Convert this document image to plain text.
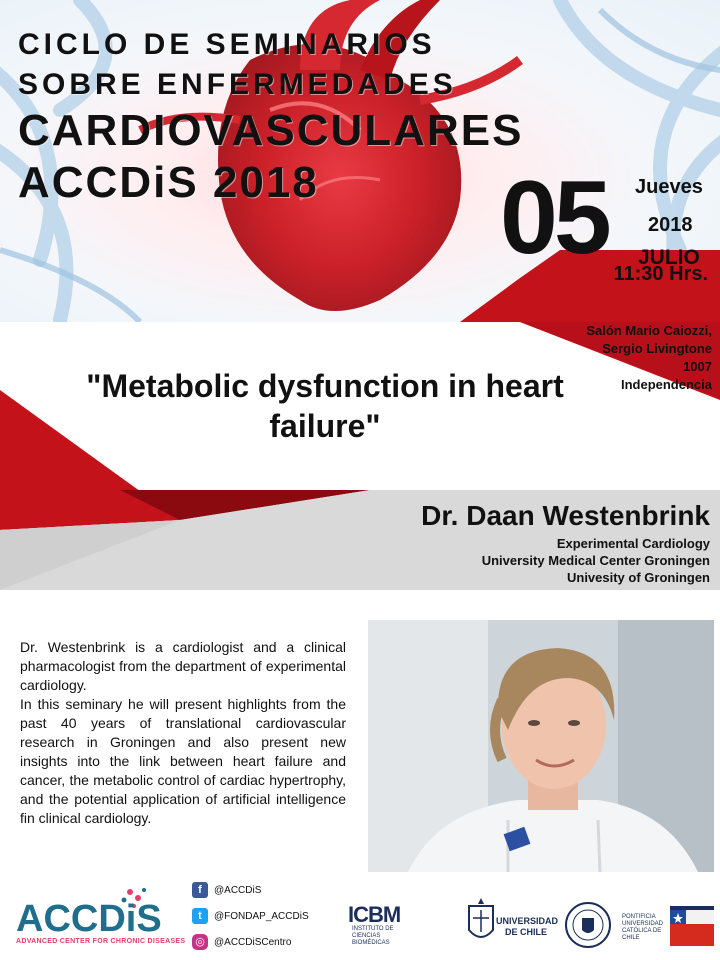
CICLO DE SEMINARIOS
SOBRE ENFERMEDADES
CARDIOVASCULARES
ACCDiS 2018 05 Jueves
2018
JULIO
11:30 Hrs.
Salón Mario Caiozzi,
Sergio Livingtone
1007
Independencia
"Metabolic dysfunction in heart failure"
Dr. Daan Westenbrink
Experimental Cardiology
University Medical Center Groningen
Univesity of Groningen

Dr. Westenbrink is a cardiologist and a clinical pharmacologist from the department of experimental cardiology.

In this seminary he will present highlights from the past 40 years of translational cardiovascular research in Groningen and also present new insights into the link between heart failure and cancer, the metabolic control of cardiac hypertrophy, and the potential application of artificial intelligence fin clinical cardiology.

ACCDiS
ADVANCED CENTER FOR CHRONIC DISEASES
f	@ACCDiS
t	@FONDAP_ACCDiS
◎ @ACCDiSCentro
ICBM
INSTITUTO DE CIENCIAS BIOMÉDICAS
UNIVERSIDAD DE CHILE
PONTIFICIA UNIVERSIDAD CATÓLICA DE CHILE
